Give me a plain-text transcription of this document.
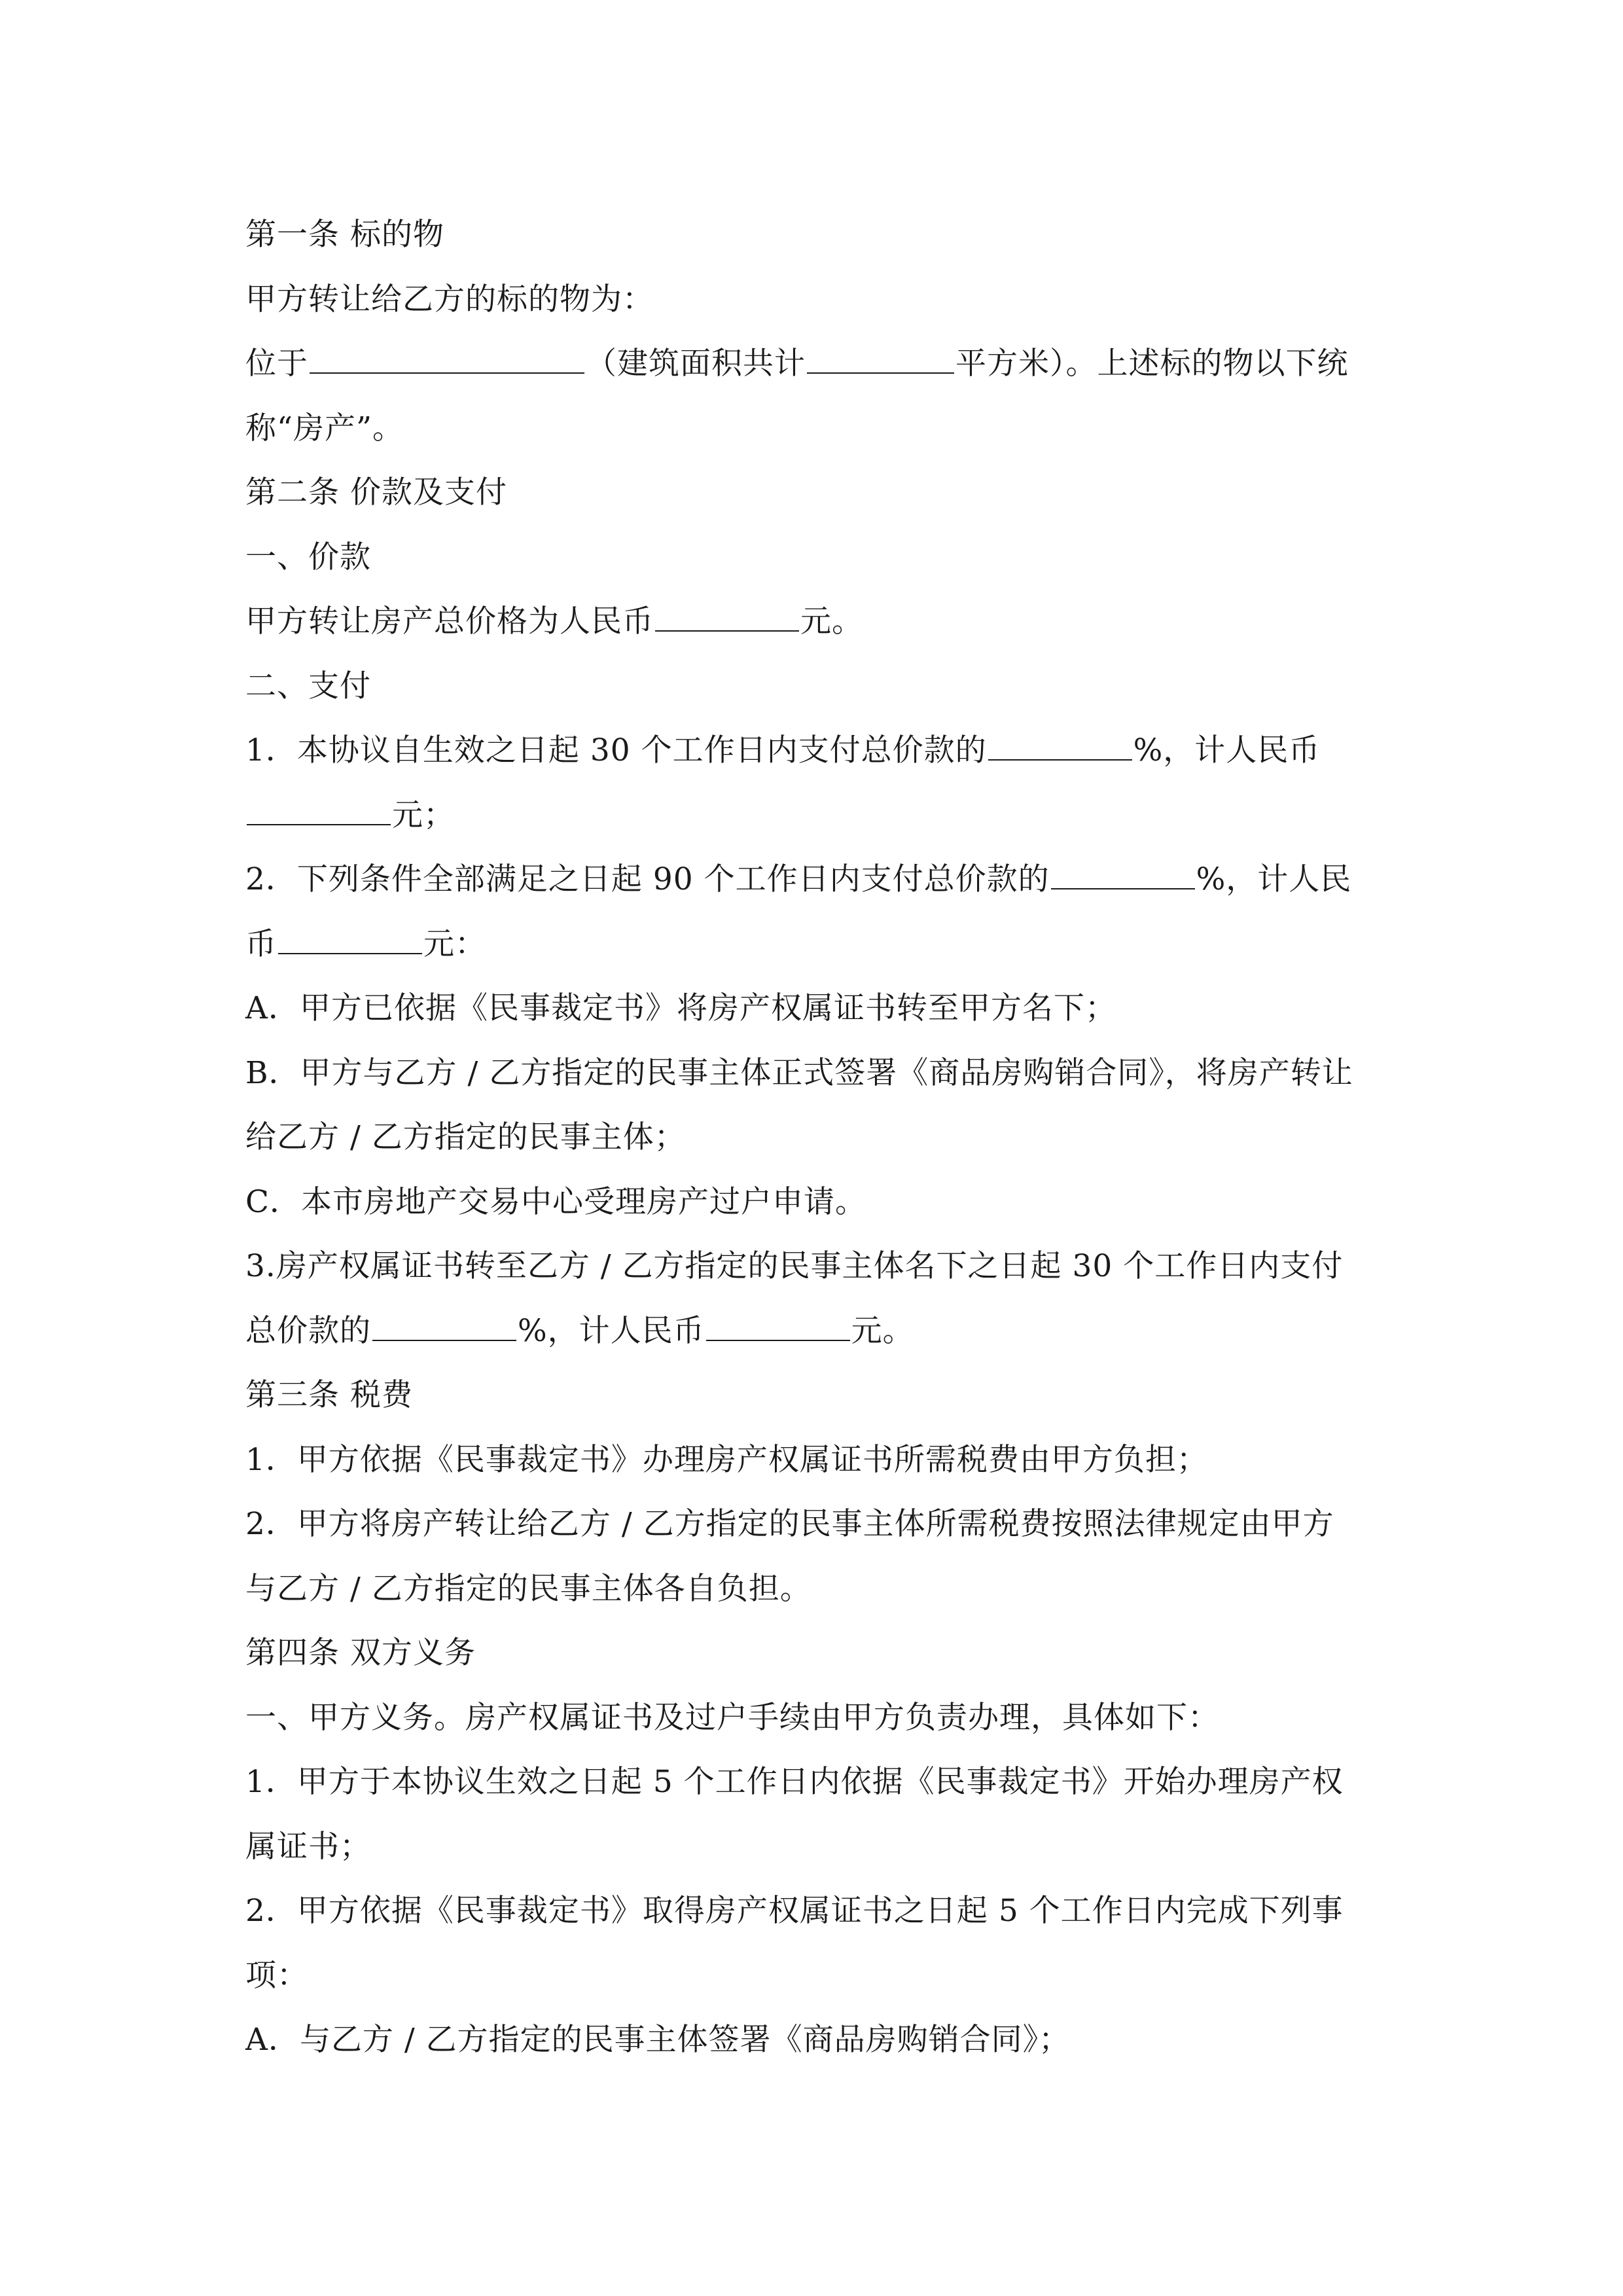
第一条 标的物
甲方转让给乙方的标的物为：
位于	（建筑面积共计	平方米）。上述标的物以下统
称“房产”。
第二条 价款及支付
一、价款
甲方转让房产总价格为人民币	元。
二、支付
1．本协议自生效之日起 30 个工作日内支付总价款的	%，计人民币
元；
2．下列条件全部满足之日起 90 个工作日内支付总价款的	%，计人民
币	元：
A．甲方已依据《民事裁定书》将房产权属证书转至甲方名下；
B．甲方与乙方 / 乙方指定的民事主体正式签署《商品房购销合同》，将房产转让
给乙方 / 乙方指定的民事主体；
C．本市房地产交易中心受理房产过户申请。
3.房产权属证书转至乙方 / 乙方指定的民事主体名下之日起 30 个工作日内支付
总价款的	%，计人民币	元。
第三条 税费
1．甲方依据《民事裁定书》办理房产权属证书所需税费由甲方负担；
2．甲方将房产转让给乙方 / 乙方指定的民事主体所需税费按照法律规定由甲方
与乙方 / 乙方指定的民事主体各自负担。
第四条 双方义务
一、甲方义务。房产权属证书及过户手续由甲方负责办理，具体如下：
1．甲方于本协议生效之日起 5 个工作日内依据《民事裁定书》开始办理房产权
属证书；
2．甲方依据《民事裁定书》取得房产权属证书之日起 5 个工作日内完成下列事
项：
A．与乙方 / 乙方指定的民事主体签署《商品房购销合同》；
